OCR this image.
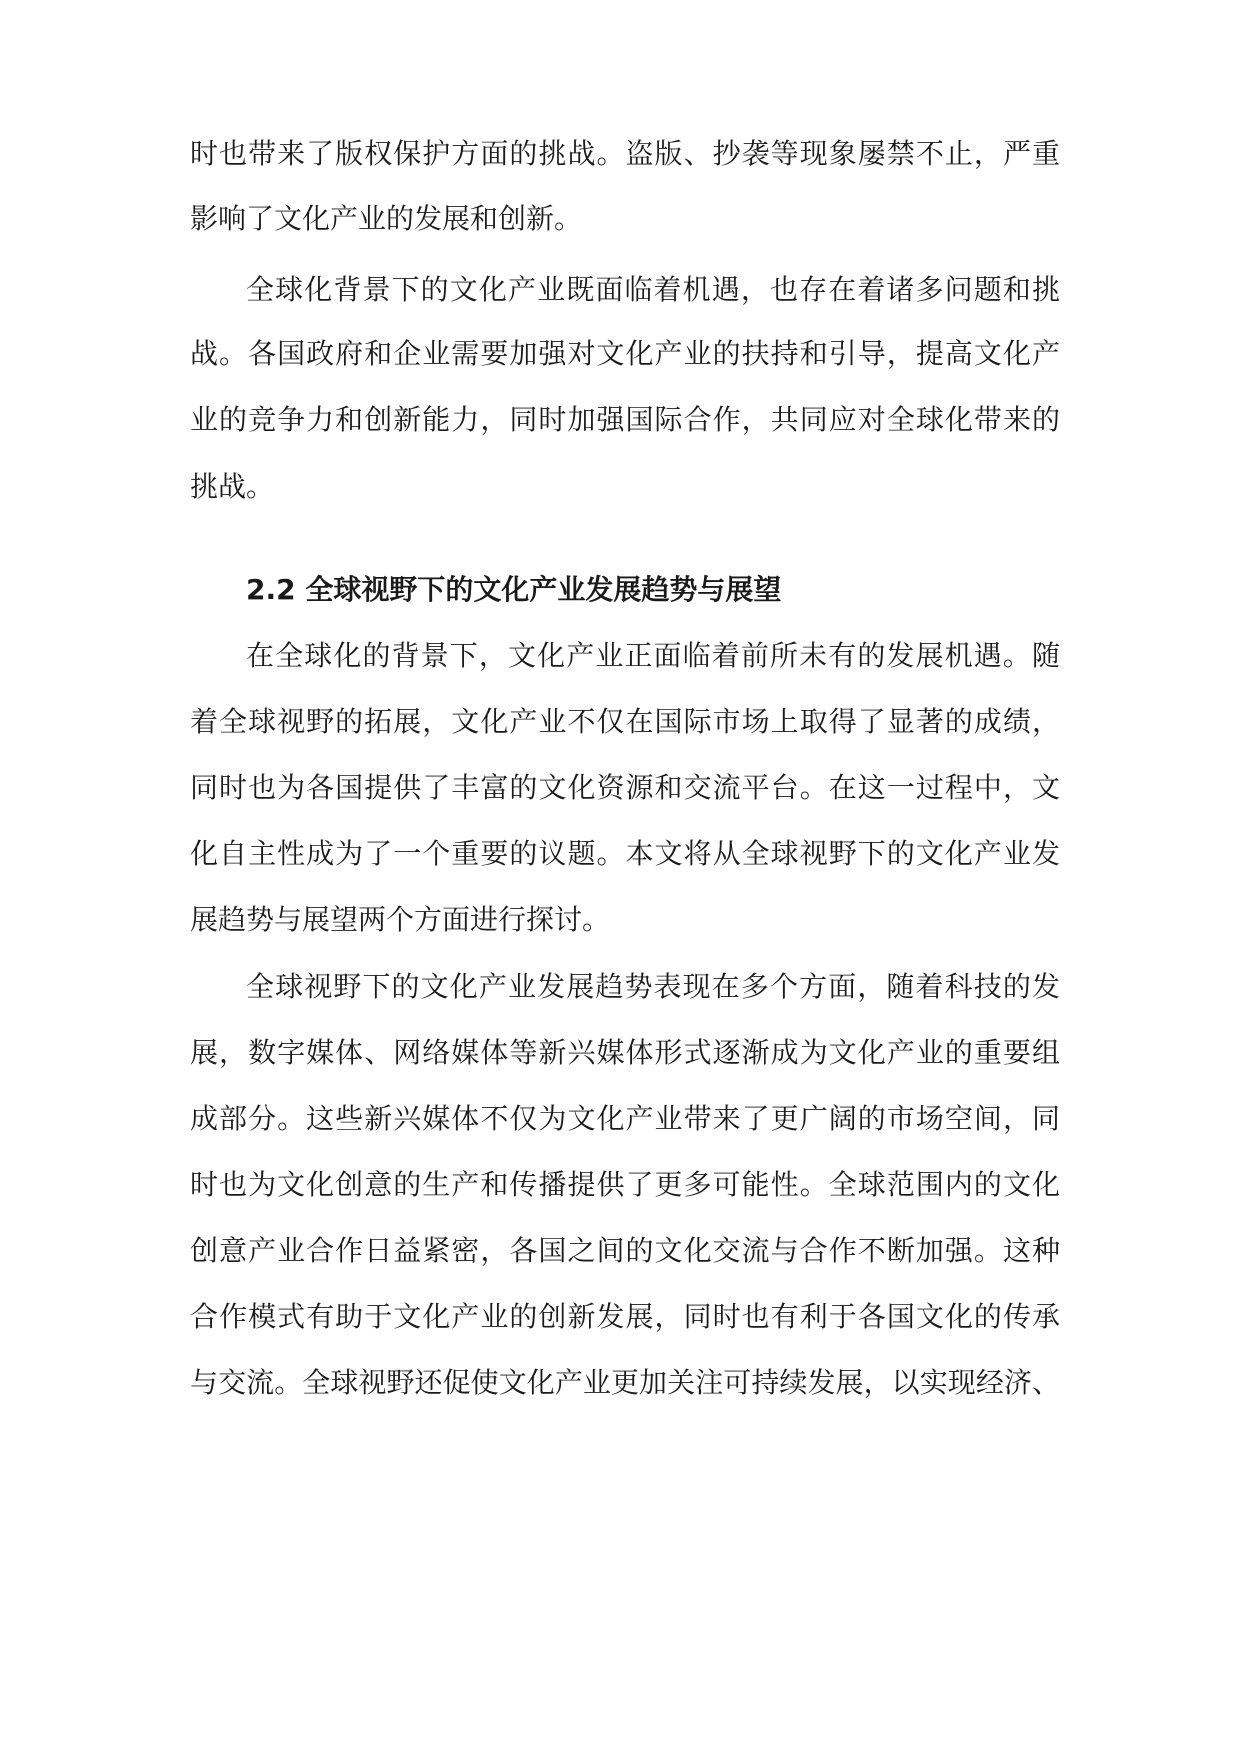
时也带来了版权保护方面的挑战。盗版、抄袭等现象屡禁不止，严重
影响了文化产业的发展和创新。
全球化背景下的文化产业既面临着机遇，也存在着诸多问题和挑
战。各国政府和企业需要加强对文化产业的扶持和引导，提高文化产
业的竞争力和创新能力，同时加强国际合作，共同应对全球化带来的
挑战。
2.2 全球视野下的文化产业发展趋势与展望
在全球化的背景下，文化产业正面临着前所未有的发展机遇。随
着全球视野的拓展，文化产业不仅在国际市场上取得了显著的成绩，
同时也为各国提供了丰富的文化资源和交流平台。在这一过程中，文
化自主性成为了一个重要的议题。本文将从全球视野下的文化产业发
展趋势与展望两个方面进行探讨。
全球视野下的文化产业发展趋势表现在多个方面，随着科技的发
展，数字媒体、网络媒体等新兴媒体形式逐渐成为文化产业的重要组
成部分。这些新兴媒体不仅为文化产业带来了更广阔的市场空间，同
时也为文化创意的生产和传播提供了更多可能性。全球范围内的文化
创意产业合作日益紧密，各国之间的文化交流与合作不断加强。这种
合作模式有助于文化产业的创新发展，同时也有利于各国文化的传承
与交流。全球视野还促使文化产业更加关注可持续发展，以实现经济、
